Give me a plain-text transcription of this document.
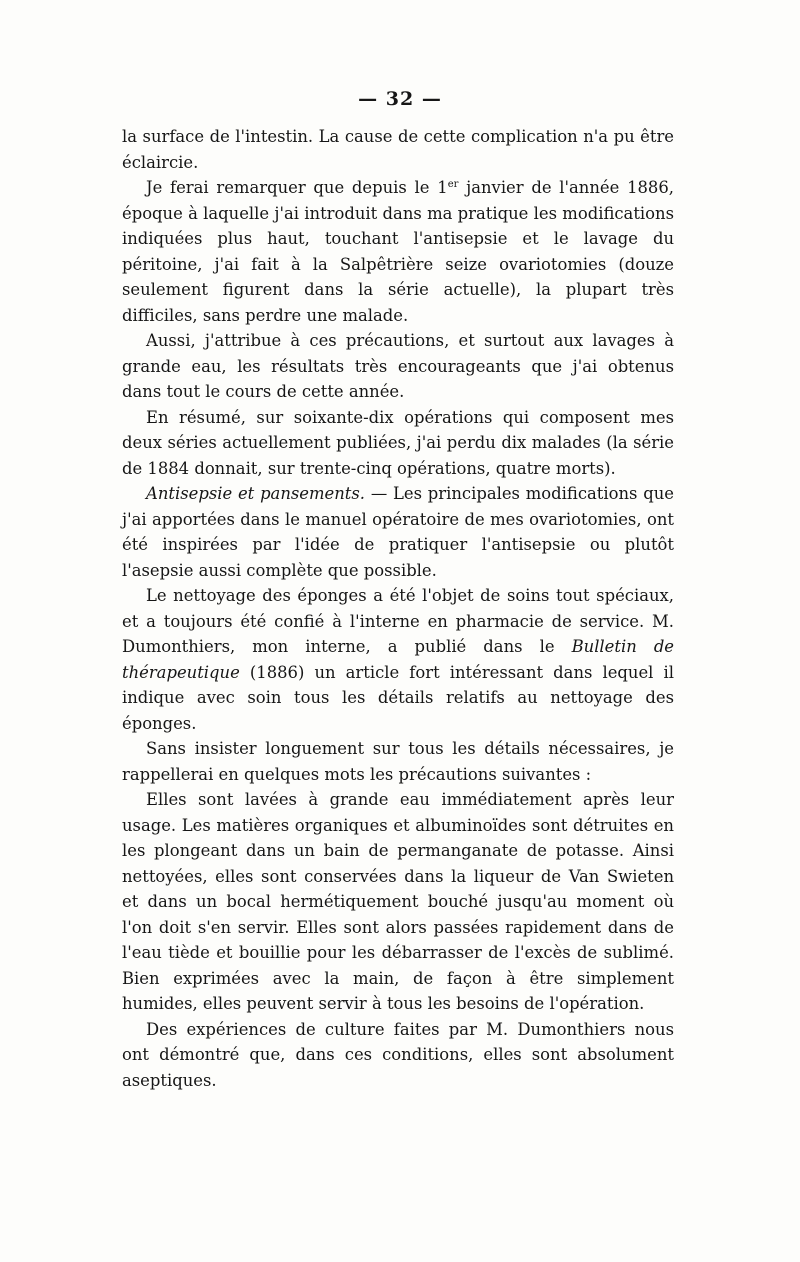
— 32 —

la surface de l'intestin. La cause de cette complication n'a pu être éclaircie.

Je ferai remarquer que depuis le 1er janvier de l'année 1886, époque à laquelle j'ai introduit dans ma pratique les modifications indiquées plus haut, touchant l'antisepsie et le lavage du péritoine, j'ai fait à la Salpêtrière seize ovariotomies (douze seulement figurent dans la série actuelle), la plupart très difficiles, sans perdre une malade.

Aussi, j'attribue à ces précautions, et surtout aux lavages à grande eau, les résultats très encourageants que j'ai obtenus dans tout le cours de cette année.

En résumé, sur soixante-dix opérations qui composent mes deux séries actuellement publiées, j'ai perdu dix malades (la série de 1884 donnait, sur trente-cinq opérations, quatre morts).

Antisepsie et pansements. — Les principales modifications que j'ai apportées dans le manuel opératoire de mes ovariotomies, ont été inspirées par l'idée de pratiquer l'antisepsie ou plutôt l'asepsie aussi complète que possible.

Le nettoyage des éponges a été l'objet de soins tout spéciaux, et a toujours été confié à l'interne en pharmacie de service. M. Dumonthiers, mon interne, a publié dans le Bulletin de thérapeutique (1886) un article fort intéressant dans lequel il indique avec soin tous les détails relatifs au nettoyage des éponges.

Sans insister longuement sur tous les détails nécessaires, je rappellerai en quelques mots les précautions suivantes :

Elles sont lavées à grande eau immédiatement après leur usage. Les matières organiques et albuminoïdes sont détruites en les plongeant dans un bain de permanganate de potasse. Ainsi nettoyées, elles sont conservées dans la liqueur de Van Swieten et dans un bocal hermétiquement bouché jusqu'au moment où l'on doit s'en servir. Elles sont alors passées rapidement dans de l'eau tiède et bouillie pour les débarrasser de l'excès de sublimé. Bien exprimées avec la main, de façon à être simplement humides, elles peuvent servir à tous les besoins de l'opération.

Des expériences de culture faites par M. Dumonthiers nous ont démontré que, dans ces conditions, elles sont absolument aseptiques.
